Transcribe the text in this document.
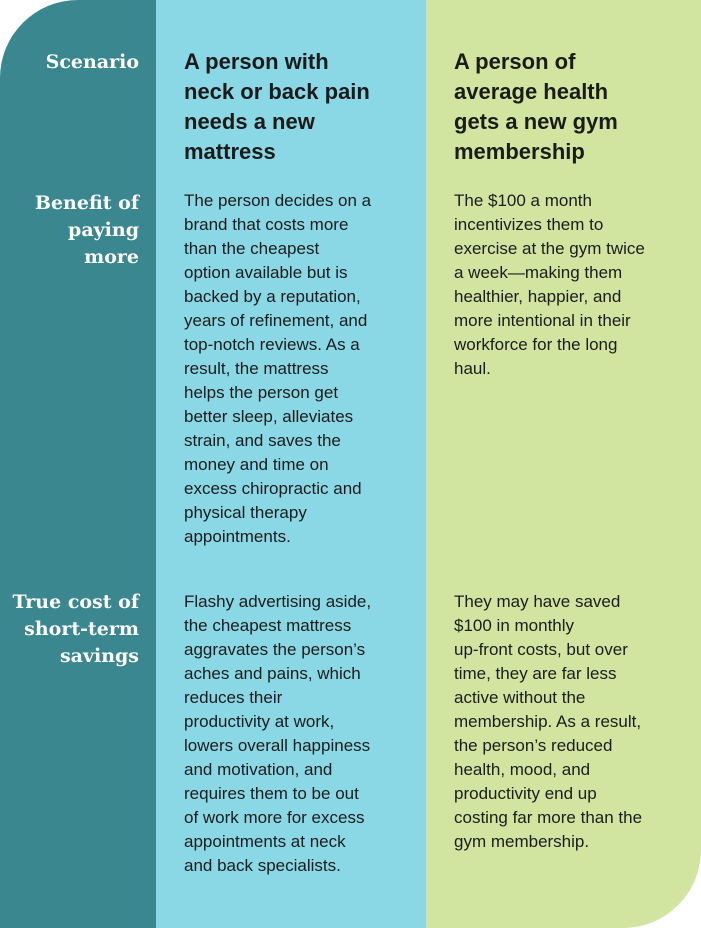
Scenario
Benefit of
paying
more
True cost of
short-term
savings
A person with
neck or back pain
needs a new
mattress
The person decides on a
brand that costs more
than the cheapest
option available but is
backed by a reputation,
years of refinement, and
top-notch reviews. As a
result, the mattress
helps the person get
better sleep, alleviates
strain, and saves the
money and time on
excess chiropractic and
physical therapy
appointments.
Flashy advertising aside,
the cheapest mattress
aggravates the person’s
aches and pains, which
reduces their
productivity at work,
lowers overall happiness
and motivation, and
requires them to be out
of work more for excess
appointments at neck
and back specialists.
A person of
average health
gets a new gym
membership
The $100 a month
incentivizes them to
exercise at the gym twice
a week—making them
healthier, happier, and
more intentional in their
workforce for the long
haul.
They may have saved
$100 in monthly
up-front costs, but over
time, they are far less
active without the
membership. As a result,
the person’s reduced
health, mood, and
productivity end up
costing far more than the
gym membership.
